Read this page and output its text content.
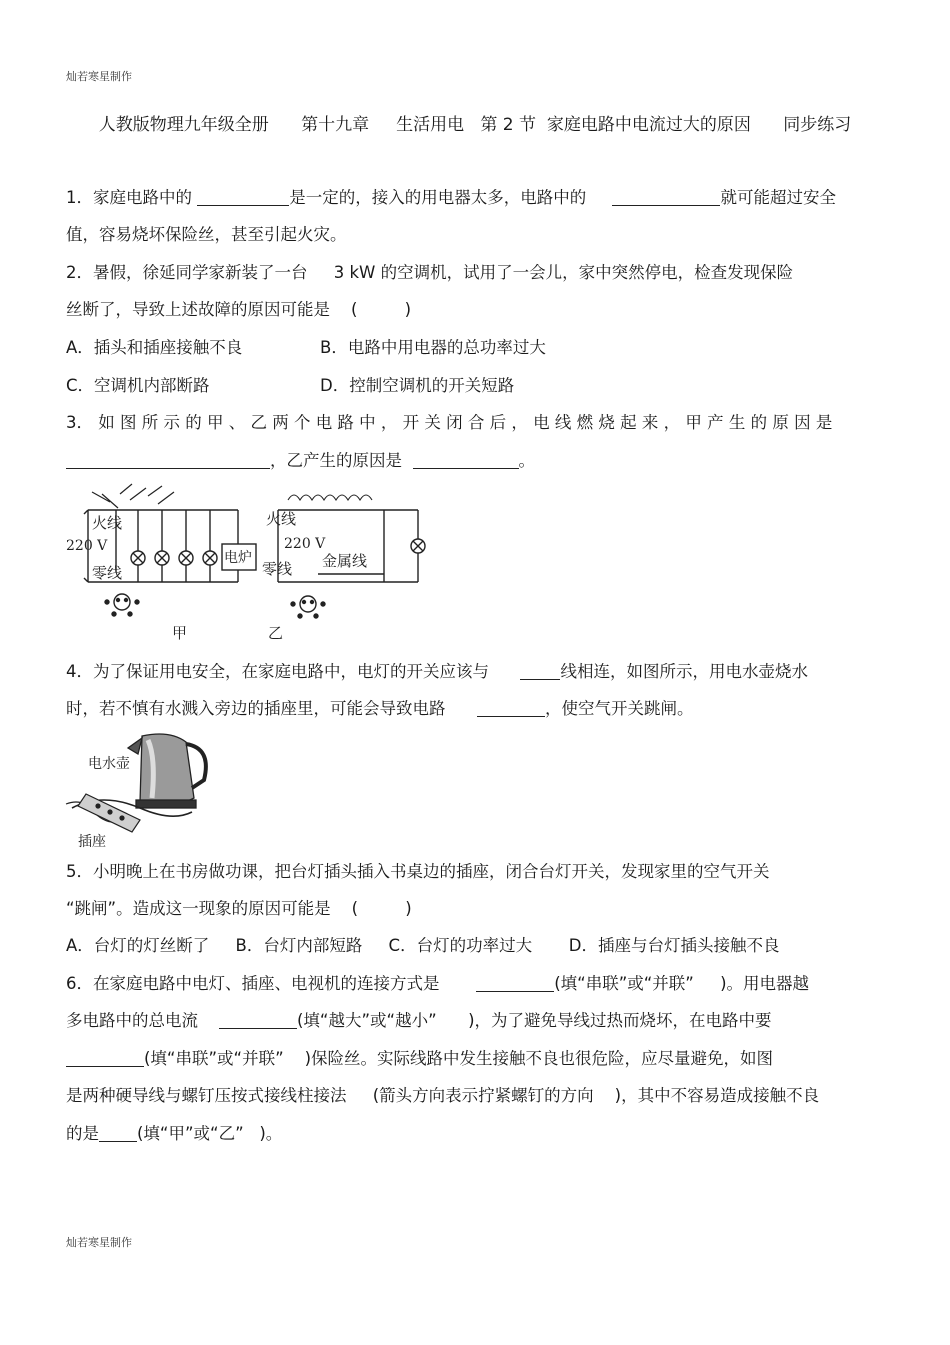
灿若寒星制作
人教版物理九年级全册      第十九章     生活用电   第 2 节  家庭电路中电流过大的原因      同步练习
1．家庭电路中的	是一定的，接入的用电器太多，电路中的	就可能超过安全
值，容易烧坏保险丝，甚至引起火灾。
2．暑假，徐延同学家新装了一台     3 kW 的空调机，试用了一会儿，家中突然停电，检查发现保险
丝断了，导致上述故障的原因可能是    (         )
A．插头和插座接触不良	B．电路中用电器的总功率过大
C．空调机内部断路	D．控制空调机的开关短路
3． 如 图 所 示 的 甲 、 乙 两 个 电 路 中 ， 开 关 闭 合 后 ， 电 线 燃 烧 起 来 ， 甲 产 生 的 原 因 是
，乙产生的原因是	。
火线
220 V
零线
电炉
甲
火线
220 V
零线 金属线
乙
4．为了保证用电安全，在家庭电路中，电灯的开关应该与      线相连，如图所示，用电水壶烧水
时，若不慎有水溅入旁边的插座里，可能会导致电路	，使空气开关跳闸。
电水壶
插座
5．小明晚上在书房做功课，把台灯插头插入书桌边的插座，闭合台灯开关，发现家里的空气开关
“跳闸”。造成这一现象的原因可能是    (         )
A．台灯的灯丝断了     B．台灯内部短路     C．台灯的功率过大       D．插座与台灯插头接触不良
6．在家庭电路中电灯、插座、电视机的连接方式是	(填“串联”或“并联”     )。用电器越
多电路中的总电流	(填“越大”或“越小”      )，为了避免导线过热而烧坏，在电路中要
(填“串联”或“并联”    )保险丝。实际线路中发生接触不良也很危险，应尽量避免，如图
是两种硬导线与螺钉压按式接线柱接法     (箭头方向表示拧紧螺钉的方向    )，其中不容易造成接触不良
的是 (填“甲”或“乙”   )。
灿若寒星制作
